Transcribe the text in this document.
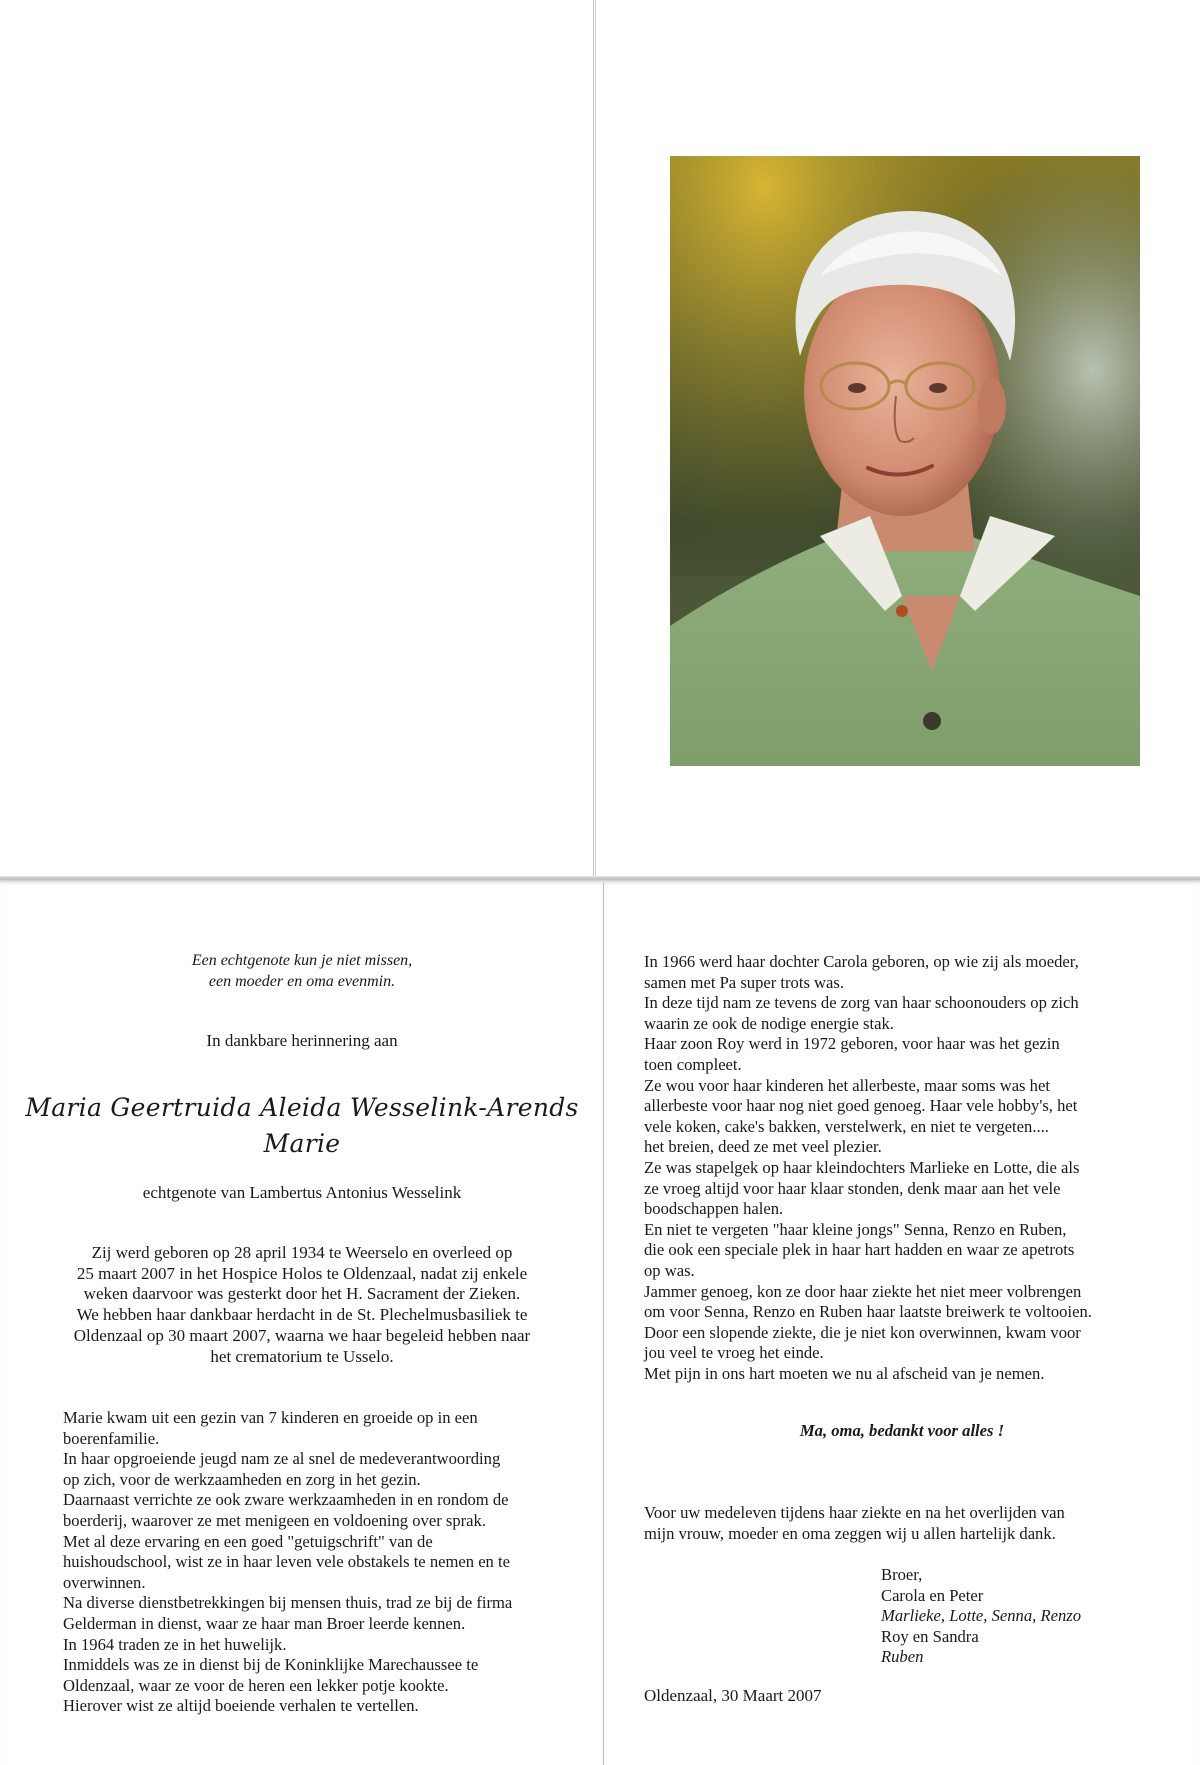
Een echtgenote kun je niet missen,
een moeder en oma evenmin.
In dankbare herinnering aan
Maria Geertruida Aleida Wesselink-Arends
Marie
echtgenote van Lambertus Antonius Wesselink
Zij werd geboren op 28 april 1934 te Weerselo en overleed op
25 maart 2007 in het Hospice Holos te Oldenzaal, nadat zij enkele
weken daarvoor was gesterkt door het H. Sacrament der Zieken.
We hebben haar dankbaar herdacht in de St. Plechelmusbasiliek te
Oldenzaal op 30 maart 2007, waarna we haar begeleid hebben naar
het crematorium te Usselo.
Marie kwam uit een gezin van 7 kinderen en groeide op in een
boerenfamilie.
In haar opgroeiende jeugd nam ze al snel de medeverantwoording
op zich, voor de werkzaamheden en zorg in het gezin.
Daarnaast verrichte ze ook zware werkzaamheden in en rondom de
boerderij, waarover ze met menigeen en voldoening over sprak.
Met al deze ervaring en een goed "getuigschrift" van de
huishoudschool, wist ze in haar leven vele obstakels te nemen en te
overwinnen.
Na diverse dienstbetrekkingen bij mensen thuis, trad ze bij de firma
Gelderman in dienst, waar ze haar man Broer leerde kennen.
In 1964 traden ze in het huwelijk.
Inmiddels was ze in dienst bij de Koninklijke Marechaussee te
Oldenzaal, waar ze voor de heren een lekker potje kookte.
Hierover wist ze altijd boeiende verhalen te vertellen.
In 1966 werd haar dochter Carola geboren, op wie zij als moeder,
samen met Pa super trots was.
In deze tijd nam ze tevens de zorg van haar schoonouders op zich
waarin ze ook de nodige energie stak.
Haar zoon Roy werd in 1972 geboren, voor haar was het gezin
toen compleet.
Ze wou voor haar kinderen het allerbeste, maar soms was het
allerbeste voor haar nog niet goed genoeg. Haar vele hobby's, het
vele koken, cake's bakken, verstelwerk, en niet te vergeten....
het breien, deed ze met veel plezier.
Ze was stapelgek op haar kleindochters Marlieke en Lotte, die als
ze vroeg altijd voor haar klaar stonden, denk maar aan het vele
boodschappen halen.
En niet te vergeten "haar kleine jongs" Senna, Renzo en Ruben,
die ook een speciale plek in haar hart hadden en waar ze apetrots
op was.
Jammer genoeg, kon ze door haar ziekte het niet meer volbrengen
om voor Senna, Renzo en Ruben haar laatste breiwerk te voltooien.
Door een slopende ziekte, die je niet kon overwinnen, kwam voor
jou veel te vroeg het einde.
Met pijn in ons hart moeten we nu al afscheid van je nemen.
Ma, oma, bedankt voor alles !
Voor uw medeleven tijdens haar ziekte en na het overlijden van
mijn vrouw, moeder en oma zeggen wij u allen hartelijk dank.
Broer,
Carola en Peter
Marlieke, Lotte, Senna, Renzo
Roy en Sandra
Ruben
Oldenzaal, 30 Maart 2007
